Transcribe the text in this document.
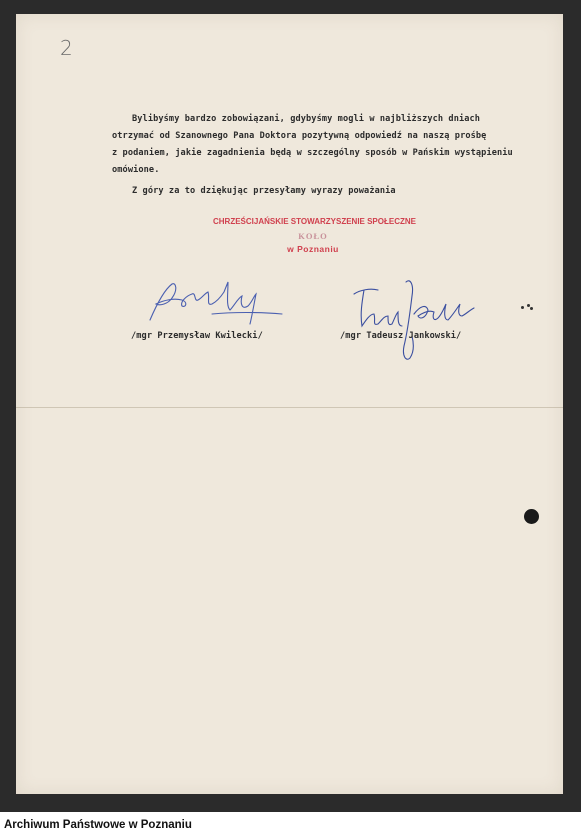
2
Bylibyśmy bardzo zobowiązani, gdybyśmy mogli w najbliższych dniach
otrzymać od Szanownego Pana Doktora pozytywną odpowiedź na naszą prośbę
z podaniem, jakie zagadnienia będą w szczególny sposób w Pańskim wystąpieniu
omówione.
Z góry za to dziękując przesyłamy wyrazy poważania
CHRZEŚCIJAŃSKIE STOWARZYSZENIE SPOŁECZNE
KOŁO
w Poznaniu
/mgr Przemysław Kwilecki/	/mgr Tadeusz Jankowski/
Archiwum Państwowe w Poznaniu
